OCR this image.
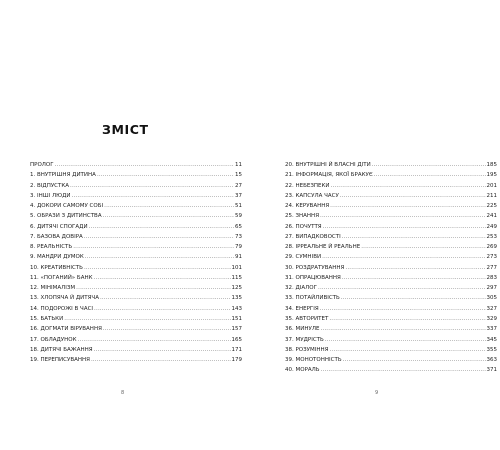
ЗМІСТ
ПРОЛОГ .....	11
1. ВНУТРІШНЯ ДИТИНА .....	15
2. ВІДПУСТКА .....	27
3. ІНШІ ЛЮДИ .....	37
4. ДОКОРИ САМОМУ СОБІ .....	51
5. ОБРАЗИ З ДИТИНСТВА .....	59
6. ДИТЯЧІ СПОГАДИ .....	65
7. БАЗОВА ДОВІРА .....	73
8. РЕАЛЬНІСТЬ .....	79
9. МАНДРИ ДУМОК .....	91
10. КРЕАТИВНІСТЬ .....	101
11. «ПОГАНИЙ» БАНК .....	115
12. МІНІМАЛІЗМ .....	125
13. ХЛОПЯЧА Й ДИТЯЧА .....	135
14. ПОДОРОЖІ В ЧАСІ .....	143
15. БАТЬКИ .....	151
16. ДОГМАТИ ВІРУВАННЯ .....	157
17. ОБЛАДУНОК .....	165
18. ДИТЯЧІ БАЖАННЯ .....	171
19. ПЕРЕПИСУВАННЯ .....	179
20. ВНУТРІШНІ Й ВЛАСНІ ДІТИ .....	185
21. ІНФОРМАЦІЯ, ЯКОЇ БРАКУЄ .....	195
22. НЕБЕЗПЕКИ .....	201
23. КАПСУЛА ЧАСУ .....	211
24. КЕРУВАННЯ .....	225
25. ЗНАННЯ .....	241
26. ПОЧУТТЯ .....	249
27. ВИПАДКОВОСТІ .....	253
28. ІРРЕАЛЬНЕ Й РЕАЛЬНЕ .....	269
29. СУМНІВИ .....	273
30. РОЗДРАТУВАННЯ .....	277
31. ОПРАЦЮВАННЯ .....	283
32. ДІАЛОГ .....	297
33. ПОТАЙЛИВІСТЬ .....	305
34. ЕНЕРГІЯ .....	327
35. АВТОРИТЕТ .....	329
36. МИНУЛЕ .....	337
37. МУДРІСТЬ .....	345
38. РОЗУМІННЯ .....	355
39. МОНОТОННІСТЬ .....	363
40. МОРАЛЬ .....	371
8	9
